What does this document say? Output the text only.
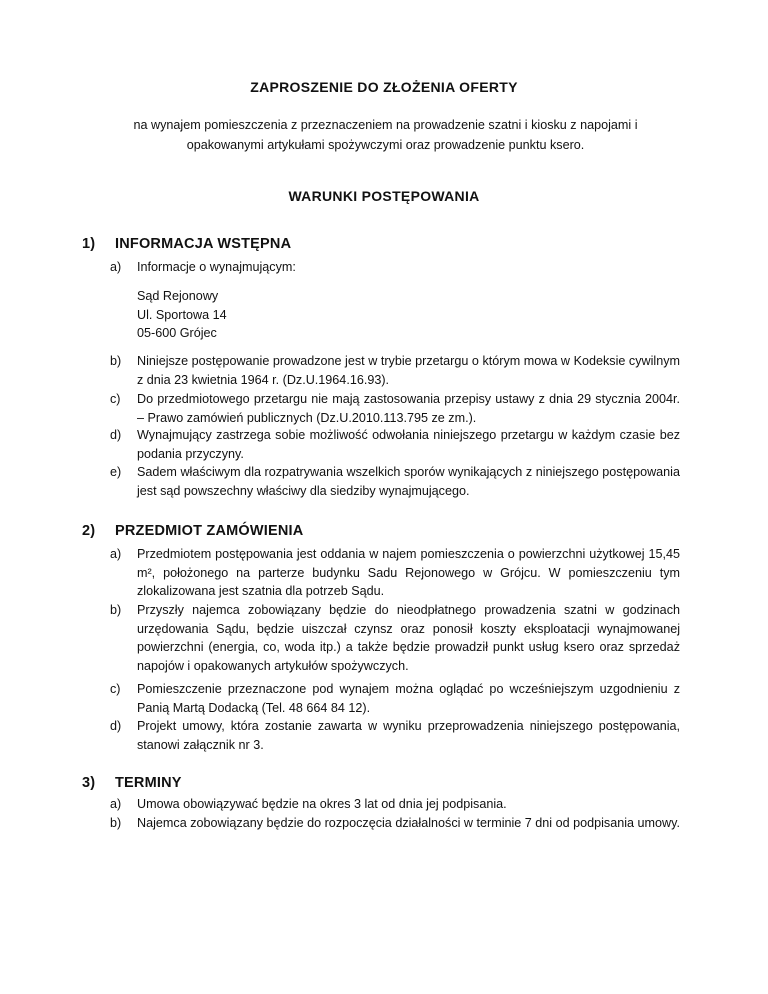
ZAPROSZENIE DO ZŁOŻENIA OFERTY
na wynajem pomieszczenia z przeznaczeniem na prowadzenie szatni i kiosku z napojami i opakowanymi artykułami spożywczymi oraz prowadzenie punktu ksero.
WARUNKI POSTĘPOWANIA
1) INFORMACJA WSTĘPNA
a) Informacje o wynajmującym:
Sąd Rejonowy
Ul. Sportowa 14
05-600 Grójec
b) Niniejsze postępowanie prowadzone jest w trybie przetargu o którym mowa w Kodeksie cywilnym z dnia 23 kwietnia 1964 r. (Dz.U.1964.16.93).
c) Do przedmiotowego przetargu nie mają zastosowania przepisy ustawy z dnia 29 stycznia 2004r. – Prawo zamówień publicznych (Dz.U.2010.113.795 ze zm.).
d) Wynajmujący zastrzega sobie możliwość odwołania niniejszego przetargu w każdym czasie bez podania przyczyny.
e) Sadem właściwym dla rozpatrywania wszelkich sporów wynikających z niniejszego postępowania jest sąd powszechny właściwy dla siedziby wynajmującego.
2) PRZEDMIOT ZAMÓWIENIA
a) Przedmiotem postępowania jest oddania w najem pomieszczenia o powierzchni użytkowej 15,45 m², położonego na parterze budynku Sadu Rejonowego w Grójcu. W pomieszczeniu tym zlokalizowana jest szatnia dla potrzeb Sądu.
b) Przyszły najemca zobowiązany będzie do nieodpłatnego prowadzenia szatni w godzinach urzędowania Sądu, będzie uiszczał czynsz oraz ponosił koszty eksploatacji wynajmowanej powierzchni (energia, co, woda itp.) a także będzie prowadził punkt usług ksero oraz sprzedaż napojów i opakowanych artykułów spożywczych.
c) Pomieszczenie przeznaczone pod wynajem można oglądać po wcześniejszym uzgodnieniu z Panią Martą Dodacką (Tel. 48 664 84 12).
d) Projekt umowy, która zostanie zawarta w wyniku przeprowadzenia niniejszego postępowania, stanowi załącznik nr 3.
3) TERMINY
a) Umowa obowiązywać będzie na okres 3 lat od dnia jej podpisania.
b) Najemca zobowiązany będzie do rozpoczęcia działalności w terminie 7 dni od podpisania umowy.
